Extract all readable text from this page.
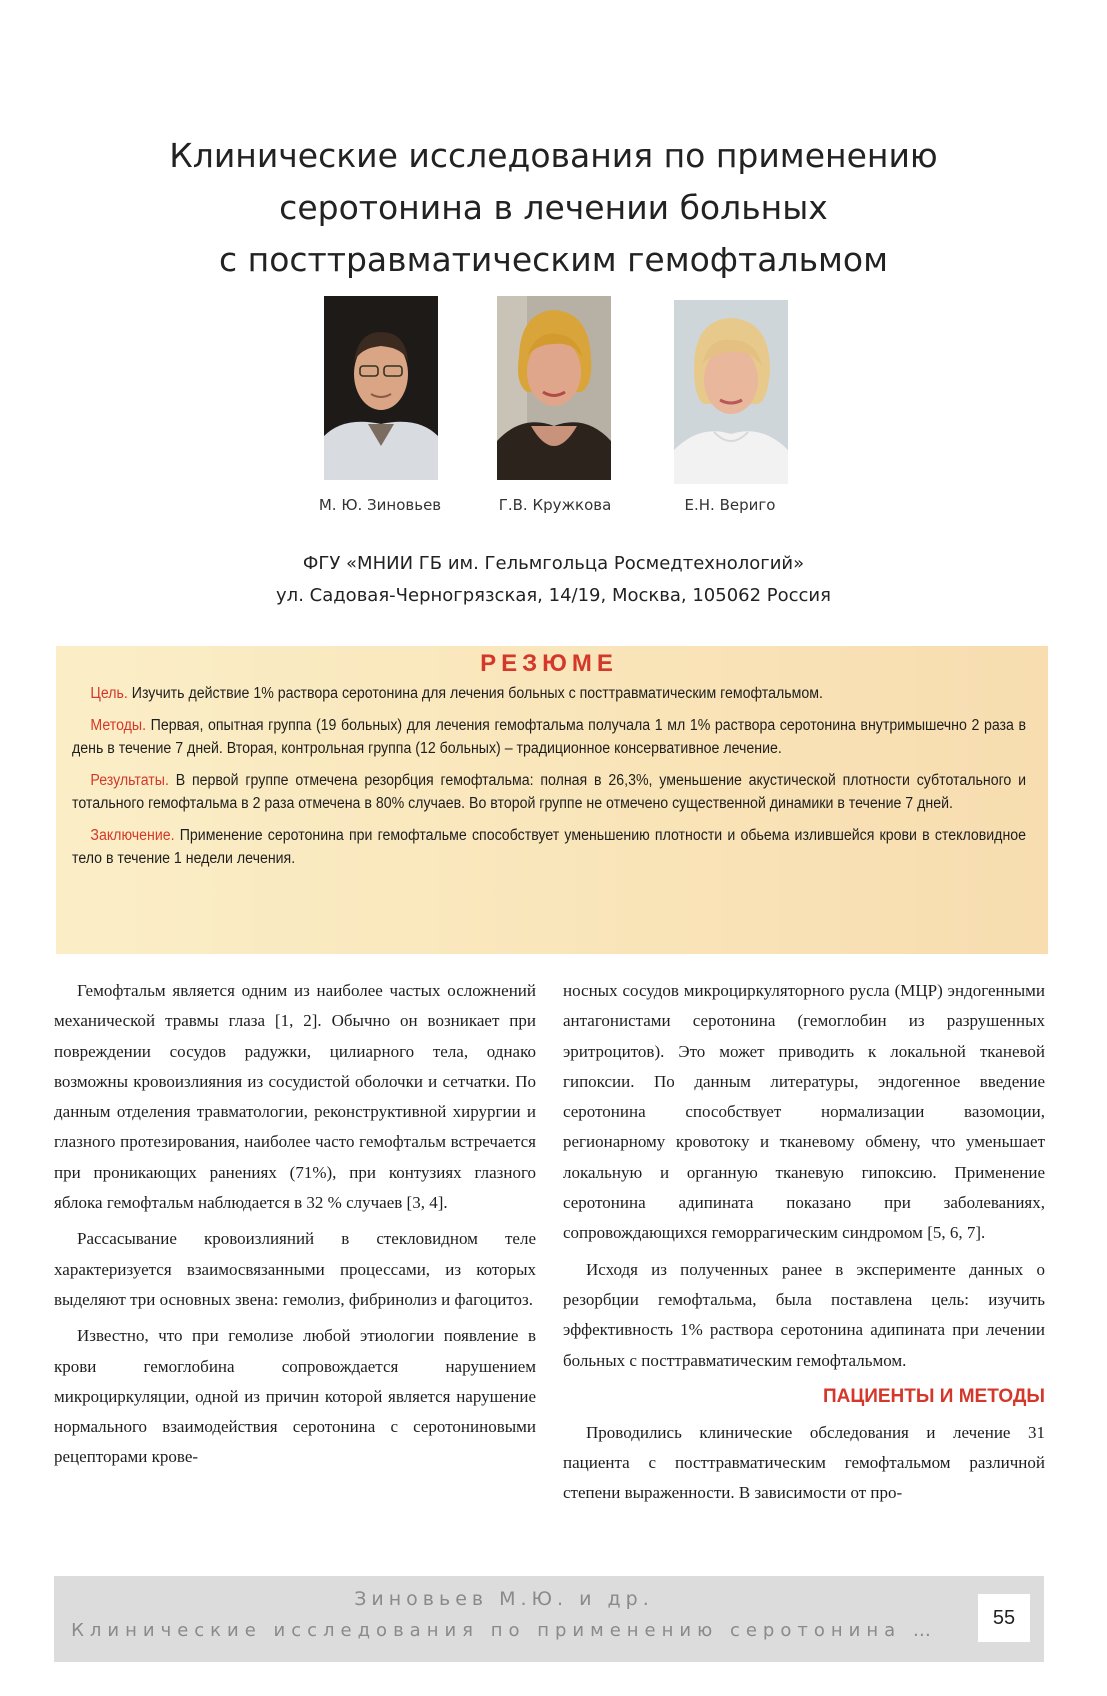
Клинические исследования по применению
серотонина в лечении больных
с посттравматическим гемофтальмом
М. Ю. Зиновьев	Г.В. Кружкова	Е.Н. Вериго
ФГУ «МНИИ ГБ им. Гельмгольца Росмедтехнологий»
ул. Садовая-Черногрязская, 14/19, Москва, 105062 Россия
РЕЗЮМЕ

Цель. Изучить действие 1% раствора серотонина для лечения больных с посттравматическим гемофтальмом.

Методы. Первая, опытная группа (19 больных) для лечения гемофтальма получала 1 мл 1% раствора серотонина внутримышечно 2 раза в день в течение 7 дней. Вторая, контрольная группа (12 больных) – традиционное консервативное лечение.

Результаты. В первой группе отмечена резорбция гемофтальма: полная в 26,3%, уменьшение акустической плотности субтотального и тотального гемофтальма в 2 раза отмечена в 80% случаев. Во второй группе не отмечено существенной динамики в течение 7 дней.

Заключение. Применение серотонина при гемофтальме способствует уменьшению плотности и обьема излившейся крови в стекловидное тело в течение 1 недели лечения.

Гемофтальм является одним из наиболее частых осложнений механической травмы глаза [1, 2]. Обычно он возникает при повреждении сосудов радужки, цилиарного тела, однако возможны кровоизлияния из сосудистой оболочки и сетчатки. По данным отделения травматологии, реконструктивной хирургии и глазного протезирования, наиболее часто гемофтальм встречается при проникающих ранениях (71%), при контузиях глазного яблока гемофтальм наблюдается в 32 % случаев [3, 4].

Рассасывание кровоизлияний в стекловидном теле характеризуется взаимосвязанными процессами, из которых выделяют три основных звена: гемолиз, фибринолиз и фагоцитоз.

Известно, что при гемолизе любой этиологии появление в крови гемоглобина сопровождается нарушением микроциркуляции, одной из причин которой является нарушение нормального взаимодействия серотонина с серотониновыми рецепторами крове-

носных сосудов микроциркуляторного русла (МЦР) эндогенными антагонистами серотонина (гемоглобин из разрушенных эритроцитов). Это может приводить к локальной тканевой гипоксии. По данным литературы, эндогенное введение серотонина способствует нормализации вазомоции, регионарному кровотоку и тканевому обмену, что уменьшает локальную и органную тканевую гипоксию. Применение серотонина адипината показано при заболеваниях, сопровождающихся геморрагическим синдромом [5, 6, 7].

Исходя из полученных ранее в эксперименте данных о резорбции гемофтальма, была поставлена цель: изучить эффективность 1% раствора серотонина адипината при лечении больных с посттравматическим гемофтальмом.

ПАЦИЕНТЫ И МЕТОДЫ

Проводились клинические обследования и лечение 31 пациента с посттравматическим гемофтальмом различной степени выраженности. В зависимости от про-

Зиновьев М.Ю. и др.
Клинические исследования по применению серотонина …
55
